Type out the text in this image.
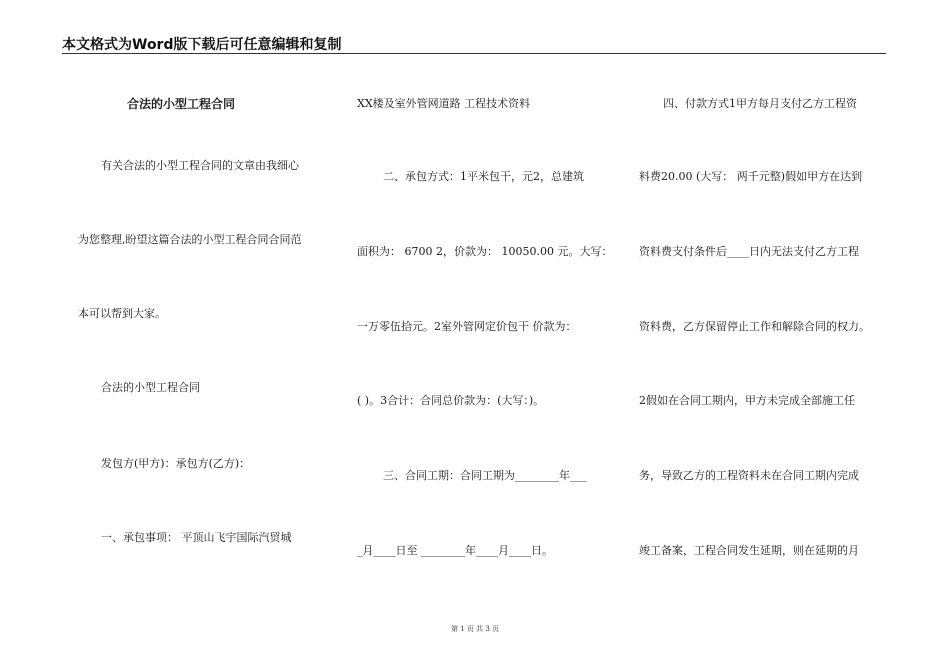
本文格式为Word版下载后可任意编辑和复制
合法的小型工程合同
有关合法的小型工程合同的文章由我细心
为您整理,盼望这篇合法的小型工程合同合同范
本可以帮到大家。
合法的小型工程合同
发包方(甲方)：承包方(乙方)：
一、承包事项： 平顶山飞宇国际汽贸城
XX楼及室外管网道路 工程技术资料
二、承包方式：1平米包干，元2，总建筑
面积为： 6700 2，价款为： 10050.00 元。大写：
一万零伍拾元。2室外管网定价包干 价款为：
( )。3合计：合同总价款为：(大写：)。
三、合同工期：合同工期为________年___
_月____日至 ________年____月____日。
四、付款方式1甲方每月支付乙方工程资
料费20.00 (大写： 两千元整)假如甲方在达到
资料费支付条件后____日内无法支付乙方工程
资料费，乙方保留停止工作和解除合同的权力。
2假如在合同工期内，甲方未完成全部施工任
务，导致乙方的工程资料未在合同工期内完成
竣工备案，工程合同发生延期，则在延期的月
第 1 页 共 3 页
